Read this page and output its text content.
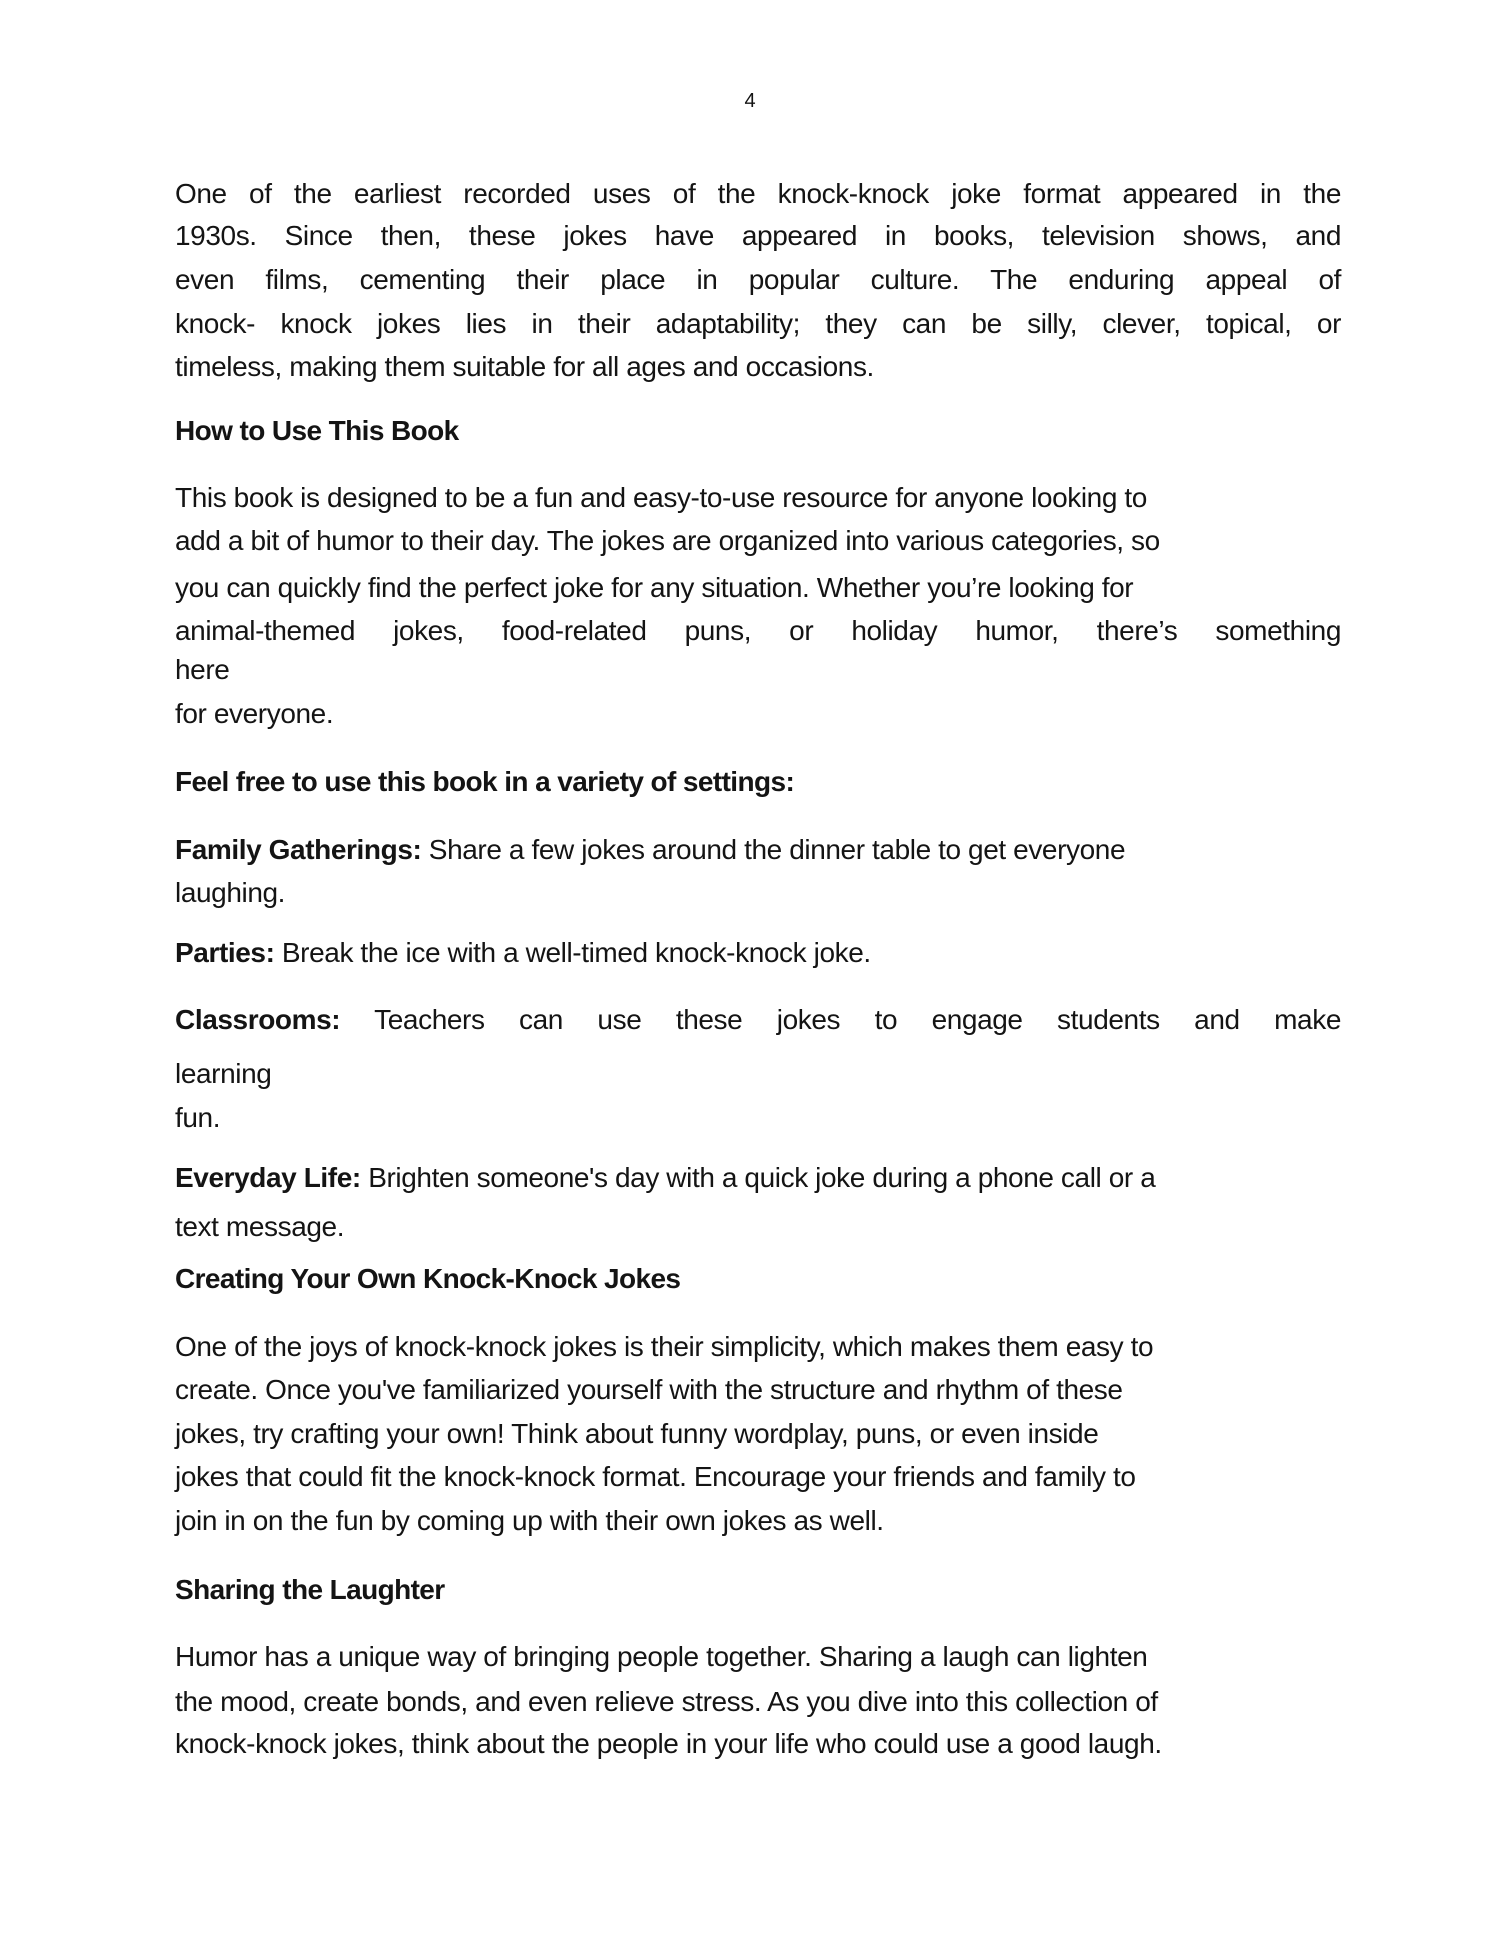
4
One of the earliest recorded uses of the knock-knock joke format appeared in the
1930s. Since then, these jokes have appeared in books, television shows, and
even films, cementing their place in popular culture. The enduring appeal of
knock- knock jokes lies in their adaptability; they can be silly, clever, topical, or
timeless, making them suitable for all ages and occasions.
How to Use This Book
This book is designed to be a fun and easy-to-use resource for anyone looking to
add a bit of humor to their day. The jokes are organized into various categories, so
you can quickly find the perfect joke for any situation. Whether you’re looking for
animal-themed jokes, food-related puns, or holiday humor, there’s something
here
for everyone.
Feel free to use this book in a variety of settings:
Family Gatherings: Share a few jokes around the dinner table to get everyone
laughing.
Parties: Break the ice with a well-timed knock-knock joke.
Classrooms: Teachers can use these jokes to engage students and make
learning
fun.
Everyday Life: Brighten someone's day with a quick joke during a phone call or a
text message.
Creating Your Own Knock-Knock Jokes
One of the joys of knock-knock jokes is their simplicity, which makes them easy to
create. Once you've familiarized yourself with the structure and rhythm of these
jokes, try crafting your own! Think about funny wordplay, puns, or even inside
jokes that could fit the knock-knock format. Encourage your friends and family to
join in on the fun by coming up with their own jokes as well.
Sharing the Laughter
Humor has a unique way of bringing people together. Sharing a laugh can lighten
the mood, create bonds, and even relieve stress. As you dive into this collection of
knock-knock jokes, think about the people in your life who could use a good laugh.
